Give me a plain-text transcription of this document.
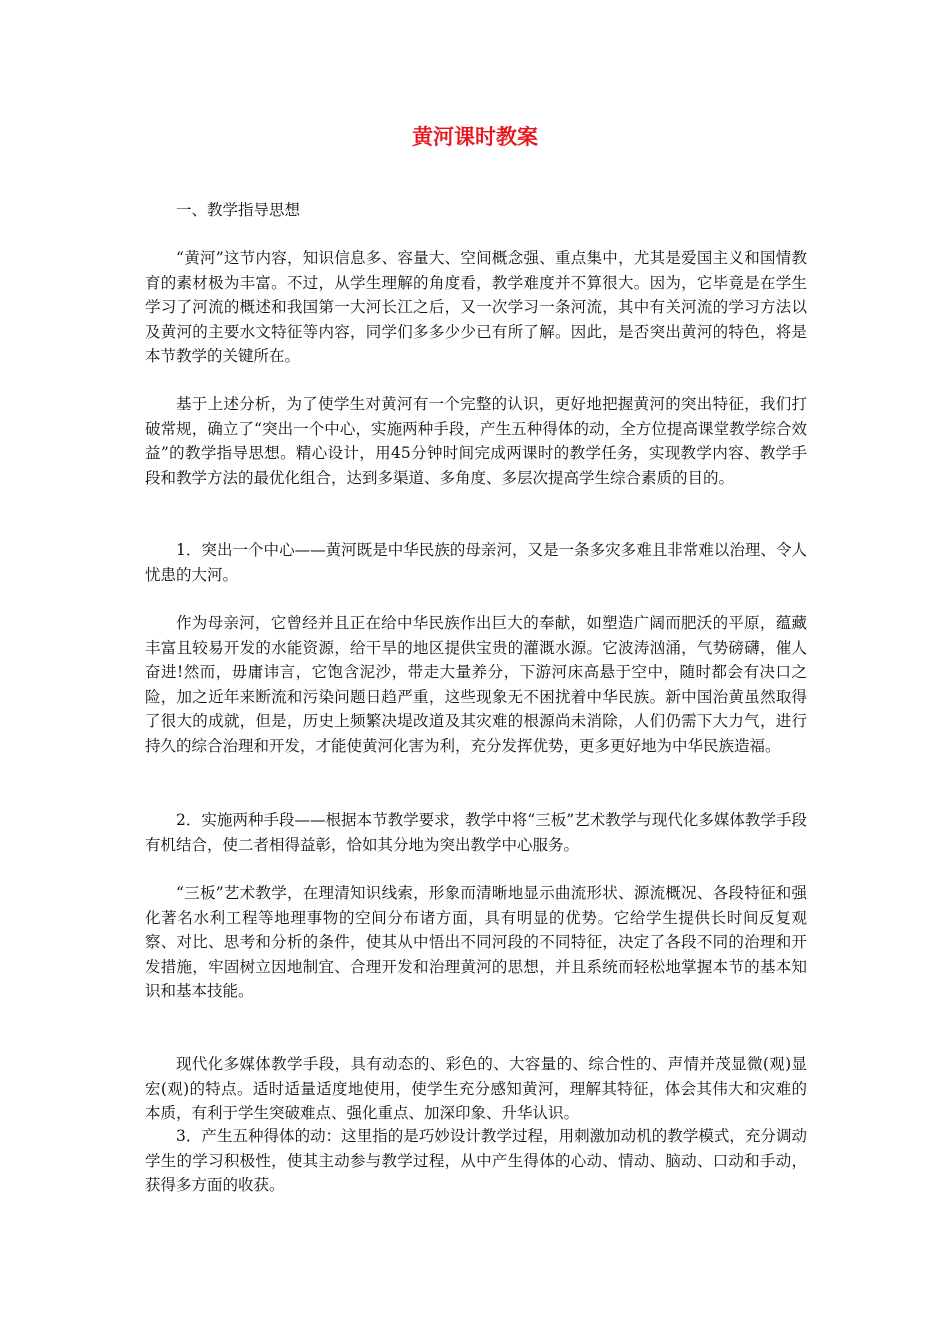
黄河课时教案

一、教学指导思想

“黄河”这节内容，知识信息多、容量大、空间概念强、重点集中，尤其是爱国主义和国情教育的素材极为丰富。不过，从学生理解的角度看，教学难度并不算很大。因为，它毕竟是在学生学习了河流的概述和我国第一大河长江之后，又一次学习一条河流，其中有关河流的学习方法以及黄河的主要水文特征等内容，同学们多多少少已有所了解。因此，是否突出黄河的特色，将是本节教学的关键所在。

基于上述分析，为了使学生对黄河有一个完整的认识，更好地把握黄河的突出特征，我们打破常规，确立了“突出一个中心，实施两种手段，产生五种得体的动，全方位提高课堂教学综合效益”的教学指导思想。精心设计，用45分钟时间完成两课时的教学任务，实现教学内容、教学手段和教学方法的最优化组合，达到多渠道、多角度、多层次提高学生综合素质的目的。

1．突出一个中心——黄河既是中华民族的母亲河，又是一条多灾多难且非常难以治理、令人忧患的大河。

作为母亲河，它曾经并且正在给中华民族作出巨大的奉献，如塑造广阔而肥沃的平原，蕴藏丰富且较易开发的水能资源，给干旱的地区提供宝贵的灌溉水源。它波涛汹涌，气势磅礴，催人奋进!然而，毋庸讳言，它饱含泥沙，带走大量养分，下游河床高悬于空中，随时都会有决口之险，加之近年来断流和污染问题日趋严重，这些现象无不困扰着中华民族。新中国治黄虽然取得了很大的成就，但是，历史上频繁决堤改道及其灾难的根源尚未消除，人们仍需下大力气，进行持久的综合治理和开发，才能使黄河化害为利，充分发挥优势，更多更好地为中华民族造福。

2．实施两种手段——根据本节教学要求，教学中将“三板”艺术教学与现代化多媒体教学手段有机结合，使二者相得益彰，恰如其分地为突出教学中心服务。

“三板”艺术教学，在理清知识线索，形象而清晰地显示曲流形状、源流概况、各段特征和强化著名水利工程等地理事物的空间分布诸方面，具有明显的优势。它给学生提供长时间反复观察、对比、思考和分析的条件，使其从中悟出不同河段的不同特征，决定了各段不同的治理和开发措施，牢固树立因地制宜、合理开发和治理黄河的思想，并且系统而轻松地掌握本节的基本知识和基本技能。

现代化多媒体教学手段，具有动态的、彩色的、大容量的、综合性的、声情并茂显微(观)显宏(观)的特点。适时适量适度地使用，使学生充分感知黄河，理解其特征，体会其伟大和灾难的本质，有利于学生突破难点、强化重点、加深印象、升华认识。

3．产生五种得体的动：这里指的是巧妙设计教学过程，用刺激加动机的教学模式，充分调动学生的学习积极性，使其主动参与教学过程，从中产生得体的心动、情动、脑动、口动和手动，获得多方面的收获。
